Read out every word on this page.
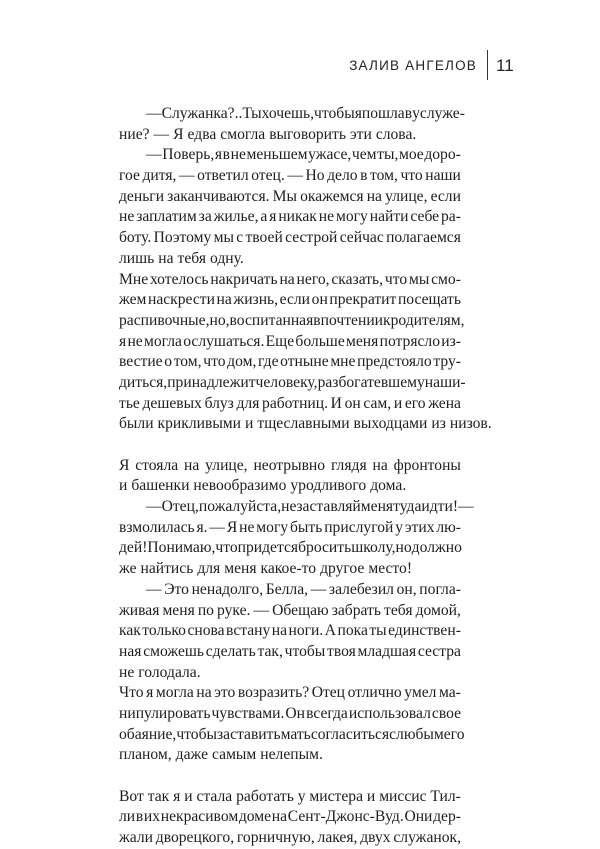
ЗАЛИВ АНГЕЛОВ	11
— Служанка?.. Ты хочешь, чтобы я пошла в услуже-
ние? — Я едва смогла выговорить эти слова.
— Поверь, я в не меньшем ужасе, чем ты, мое доро-
гое дитя, — ответил отец. — Но дело в том, что наши
деньги заканчиваются. Мы окажемся на улице, если
не заплатим за жилье, а я никак не могу найти себе ра-
боту. Поэтому мы с твоей сестрой сейчас полагаемся
лишь на тебя одну.
Мне хотелось накричать на него, сказать, что мы смо-
жем наскрести на жизнь, если он прекратит посещать
распивочные, но, воспитанная в почтении к родителям,
я не могла ослушаться. Еще больше меня потрясло из-
вестие о том, что дом, где отныне мне предстояло тру-
диться, принадлежит человеку, разбогатевшему на ши-
тье дешевых блуз для работниц. И он сам, и его жена
были крикливыми и тщеславными выходцами из низов.
Я стояла на улице, неотрывно глядя на фронтоны
и башенки невообразимо уродливого дома.
— Отец, пожалуйста, не заставляй меня туда идти! —
взмолилась я. — Я не могу быть прислугой у этих лю-
дей! Понимаю, что придется бросить школу, но должно
же найтись для меня какое-то другое место!
— Это ненадолго, Белла, — залебезил он, погла-
живая меня по руке. — Обещаю забрать тебя домой,
как только снова встану на ноги. А пока ты единствен-
ная сможешь сделать так, чтобы твоя младшая сестра
не голодала.
Что я могла на это возразить? Отец отлично умел ма-
нипулировать чувствами. Он всегда использовал свое
обаяние, чтобы заставить мать согласиться с любым его
планом, даже самым нелепым.
Вот так я и стала работать у мистера и миссис Тил-
ли в их некрасивом доме на Сент-Джонс-Вуд. Они дер-
жали дворецкого, горничную, лакея, двух служанок,
